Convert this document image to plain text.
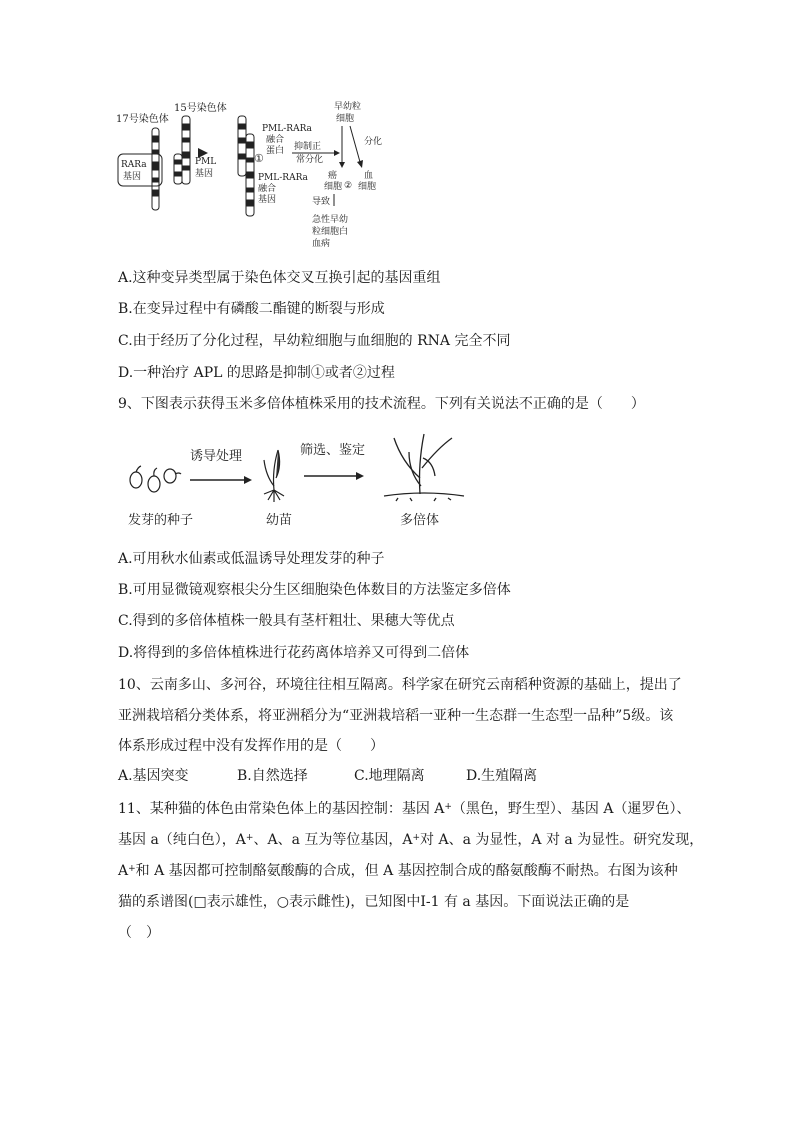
17号染色体
15号染色体
RARa
基因
PML
基因
①
PML-RARa
融合
蛋白
PML-RARa
融合
基因
抑制正
常分化
早幼粒
细胞
分化
癌
细胞 ②
血
细胞
导致
急性早幼
粒细胞白
血病
A.这种变异类型属于染色体交叉互换引起的基因重组
B.在变异过程中有磷酸二酯键的断裂与形成
C.由于经历了分化过程，早幼粒细胞与血细胞的 RNA 完全不同
D.一种治疗 APL 的思路是抑制①或者②过程
9、下图表示获得玉米多倍体植株采用的技术流程。下列有关说法不正确的是（　　）
发芽的种子
诱导处理
幼苗
筛选、鉴定
多倍体
A.可用秋水仙素或低温诱导处理发芽的种子
B.可用显微镜观察根尖分生区细胞染色体数目的方法鉴定多倍体
C.得到的多倍体植株一般具有茎杆粗壮、果穗大等优点
D.将得到的多倍体植株进行花药离体培养又可得到二倍体
10、云南多山、多河谷，环境往往相互隔离。科学家在研究云南稻种资源的基础上，提出了
亚洲栽培稻分类体系，将亚洲稻分为“亚洲栽培稻一亚种一生态群一生态型一品种”5级。该
体系形成过程中没有发挥作用的是（　　）
A.基因突变	B.自然选择	C.地理隔离	D.生殖隔离
11、某种猫的体色由常染色体上的基因控制：基因 A+（黑色，野生型）、基因 A（暹罗色）、
基因 a（纯白色），A+、A、a 互为等位基因，A+对 A、a 为显性，A 对 a 为显性。研究发现，
A+和 A 基因都可控制酪氨酸酶的合成，但 A 基因控制合成的酪氨酸酶不耐热。右图为该种
猫的系谱图(□表示雄性，○表示雌性)，已知图中Ⅰ-1 有 a 基因。下面说法正确的是
（　）
